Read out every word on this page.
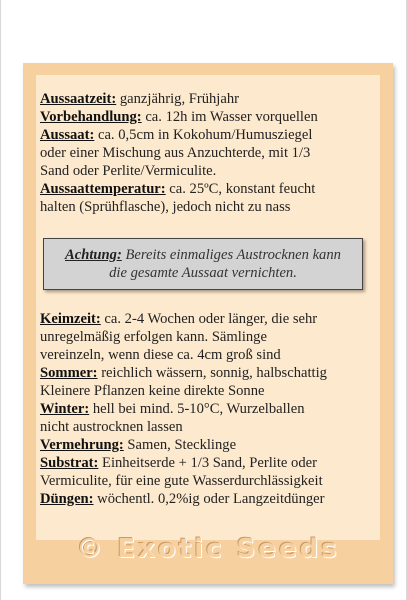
Aussaatzeit: ganzjährig, Frühjahr
Vorbehandlung: ca. 12h im Wasser vorquellen
Aussaat: ca. 0,5cm in Kokohum/Humusziegel
oder einer Mischung aus Anzuchterde, mit 1/3
Sand oder Perlite/Vermiculite.
Aussaattemperatur: ca. 25ºC, konstant feucht
halten (Sprühflasche), jedoch nicht zu nass
Achtung: Bereits einmaliges Austrocknen kann
die gesamte Aussaat vernichten.
Keimzeit: ca. 2-4 Wochen oder länger, die sehr
unregelmäßig erfolgen kann. Sämlinge
vereinzeln, wenn diese ca. 4cm groß sind
Sommer: reichlich wässern, sonnig, halbschattig
Kleinere Pflanzen keine direkte Sonne
Winter: hell bei mind. 5-10°C, Wurzelballen
nicht austrocknen lassen
Vermehrung: Samen, Stecklinge
Substrat: Einheitserde + 1/3 Sand, Perlite oder
Vermiculite, für eine gute Wasserdurchlässigkeit
Düngen: wöchentl. 0,2%ig oder Langzeitdünger
© Exotic Seeds
